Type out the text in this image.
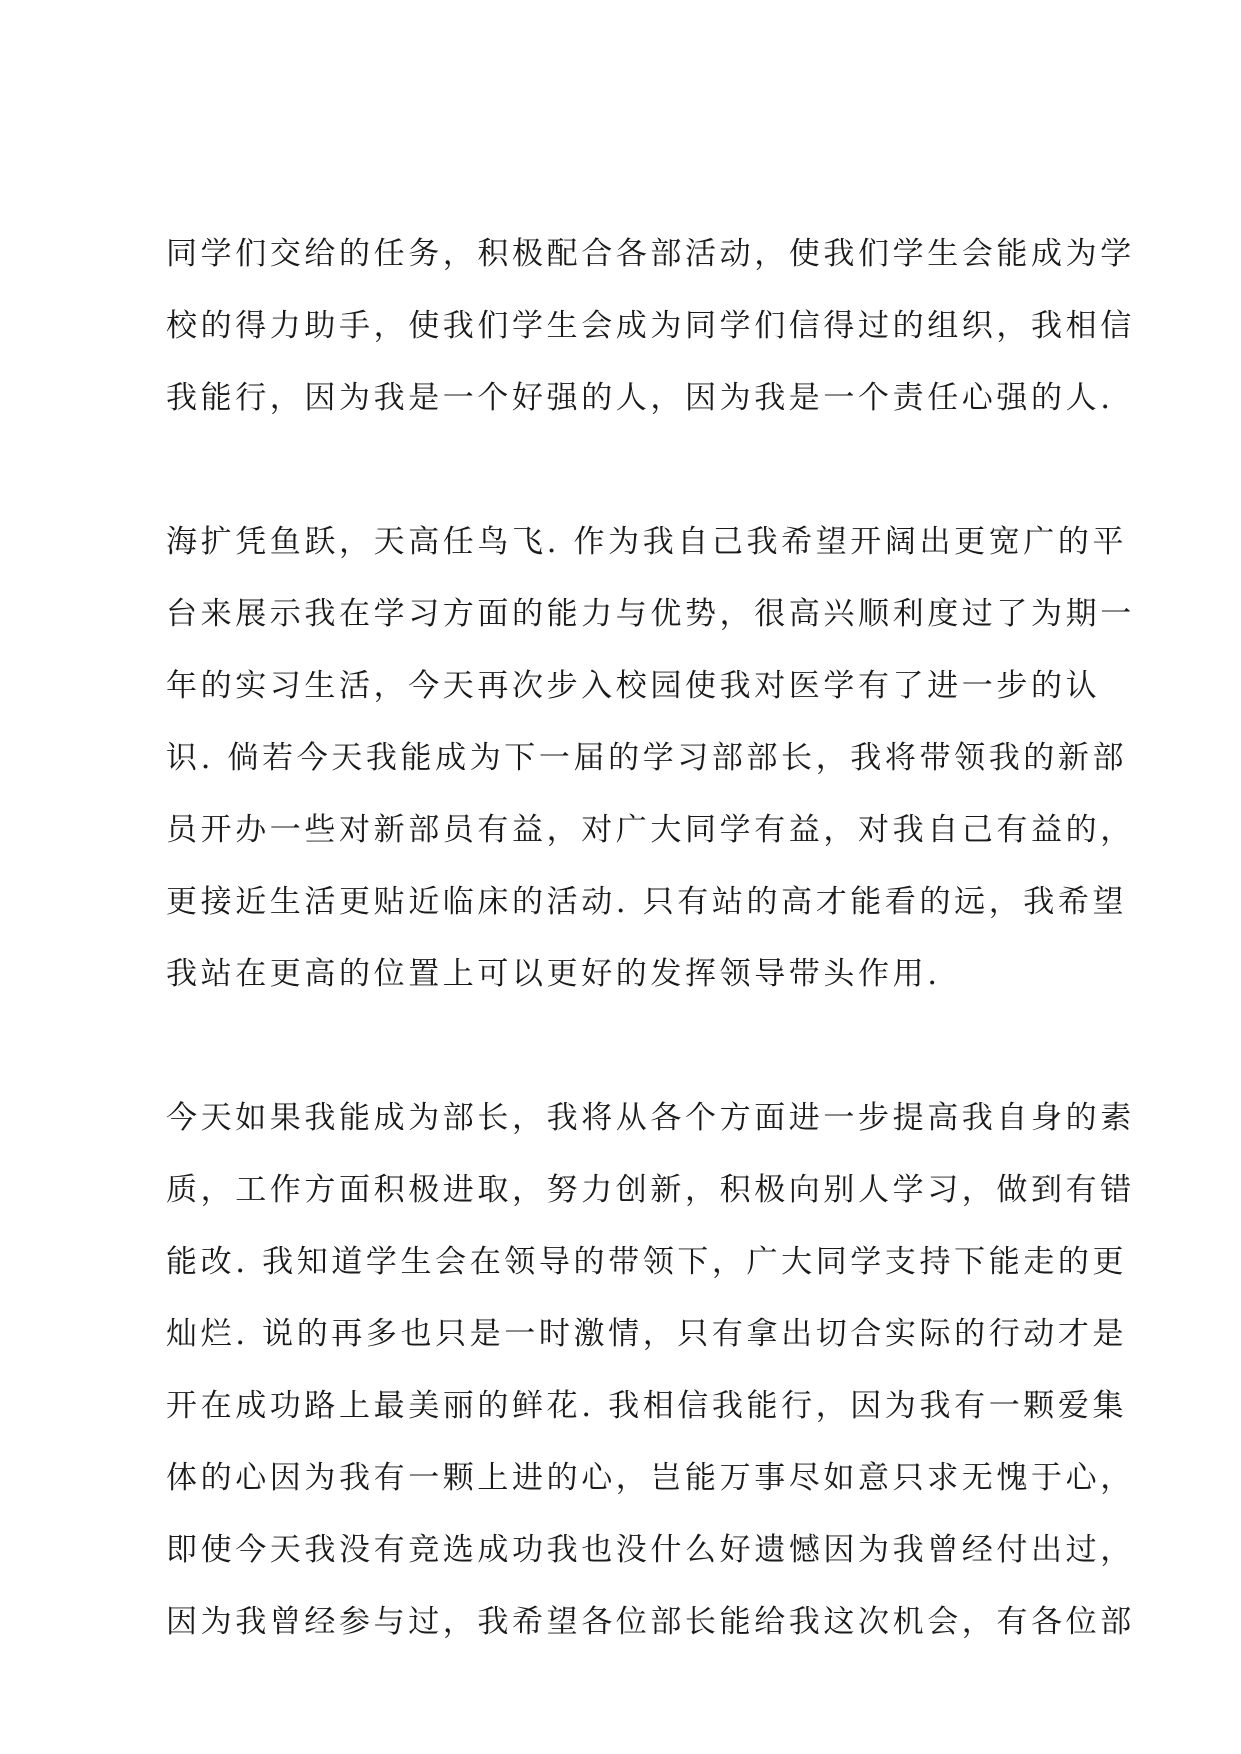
同学们交给的任务，积极配合各部活动，使我们学生会能成为学
校的得力助手，使我们学生会成为同学们信得过的组织，我相信
我能行，因为我是一个好强的人，因为我是一个责任心强的人.
海扩凭鱼跃，天高任鸟飞. 作为我自己我希望开阔出更宽广的平
台来展示我在学习方面的能力与优势，很高兴顺利度过了为期一
年的实习生活，今天再次步入校园使我对医学有了进一步的认
识. 倘若今天我能成为下一届的学习部部长，我将带领我的新部
员开办一些对新部员有益，对广大同学有益，对我自己有益的，
更接近生活更贴近临床的活动. 只有站的高才能看的远，我希望
我站在更高的位置上可以更好的发挥领导带头作用.
今天如果我能成为部长，我将从各个方面进一步提高我自身的素
质，工作方面积极进取，努力创新，积极向别人学习，做到有错
能改. 我知道学生会在领导的带领下，广大同学支持下能走的更
灿烂. 说的再多也只是一时激情，只有拿出切合实际的行动才是
开在成功路上最美丽的鲜花. 我相信我能行，因为我有一颗爱集
体的心因为我有一颗上进的心，岂能万事尽如意只求无愧于心，
即使今天我没有竞选成功我也没什么好遗憾因为我曾经付出过，
因为我曾经参与过，我希望各位部长能给我这次机会，有各位部
